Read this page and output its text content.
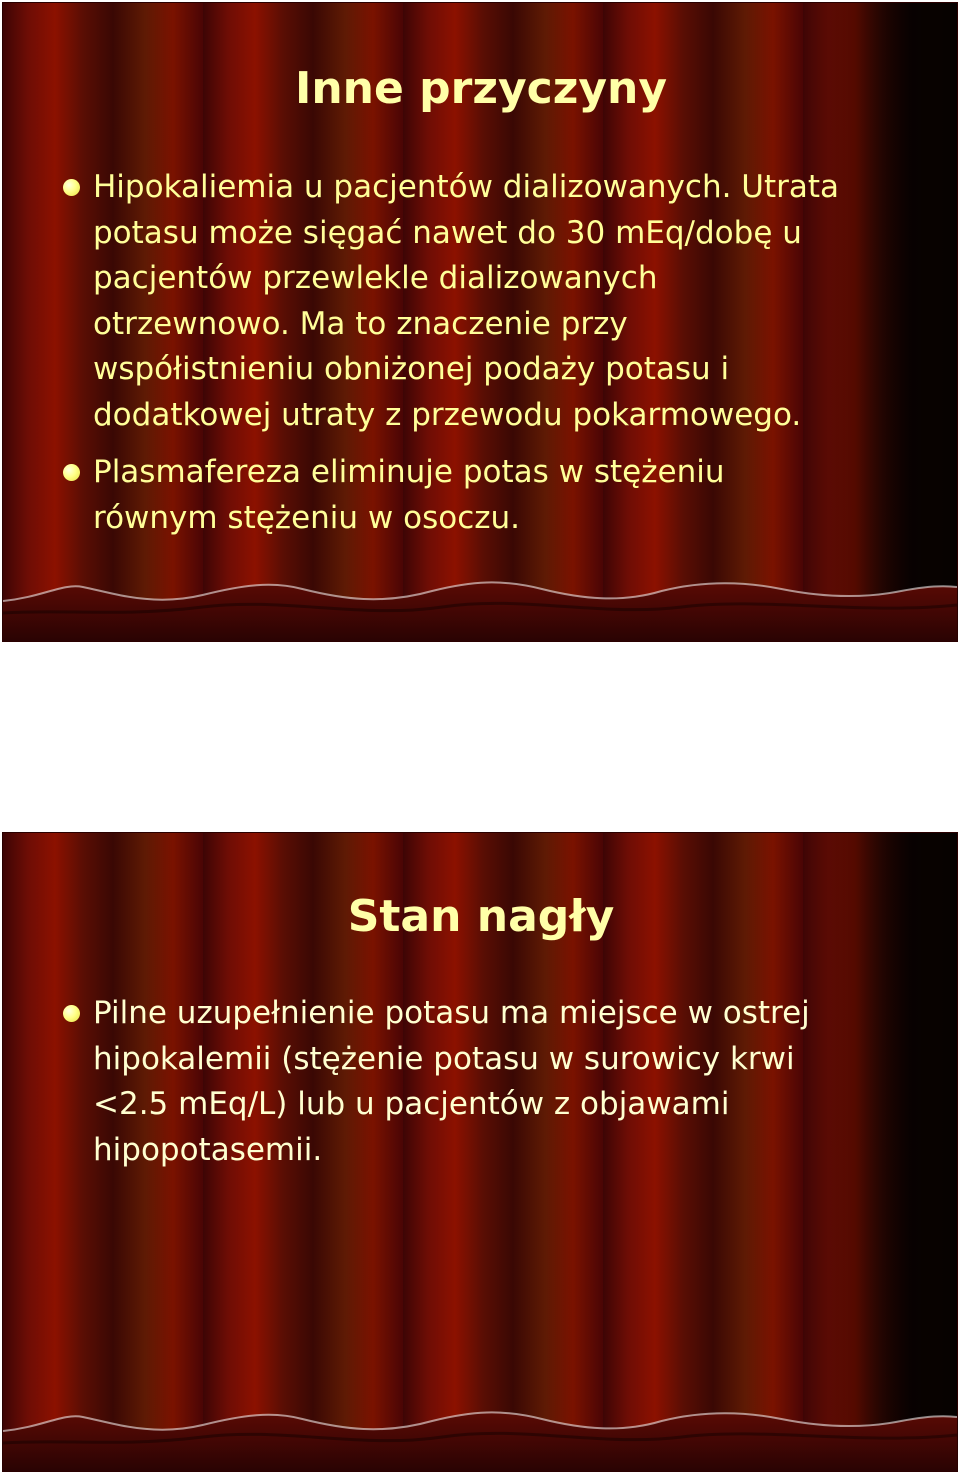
Inne przyczyny
Hipokaliemia u pacjentów dializowanych. Utrata
potasu może sięgać nawet do 30 mEq/dobę u
pacjentów przewlekle dializowanych
otrzewnowo. Ma to znaczenie przy
współistnieniu obniżonej podaży potasu i
dodatkowej utraty z przewodu pokarmowego.
Plasmafereza eliminuje potas w stężeniu
równym stężeniu w osoczu.
Stan nagły
Pilne uzupełnienie potasu ma miejsce w ostrej
hipokalemii (stężenie potasu w surowicy krwi
<2.5 mEq/L) lub u pacjentów z objawami
hipopotasemii.
